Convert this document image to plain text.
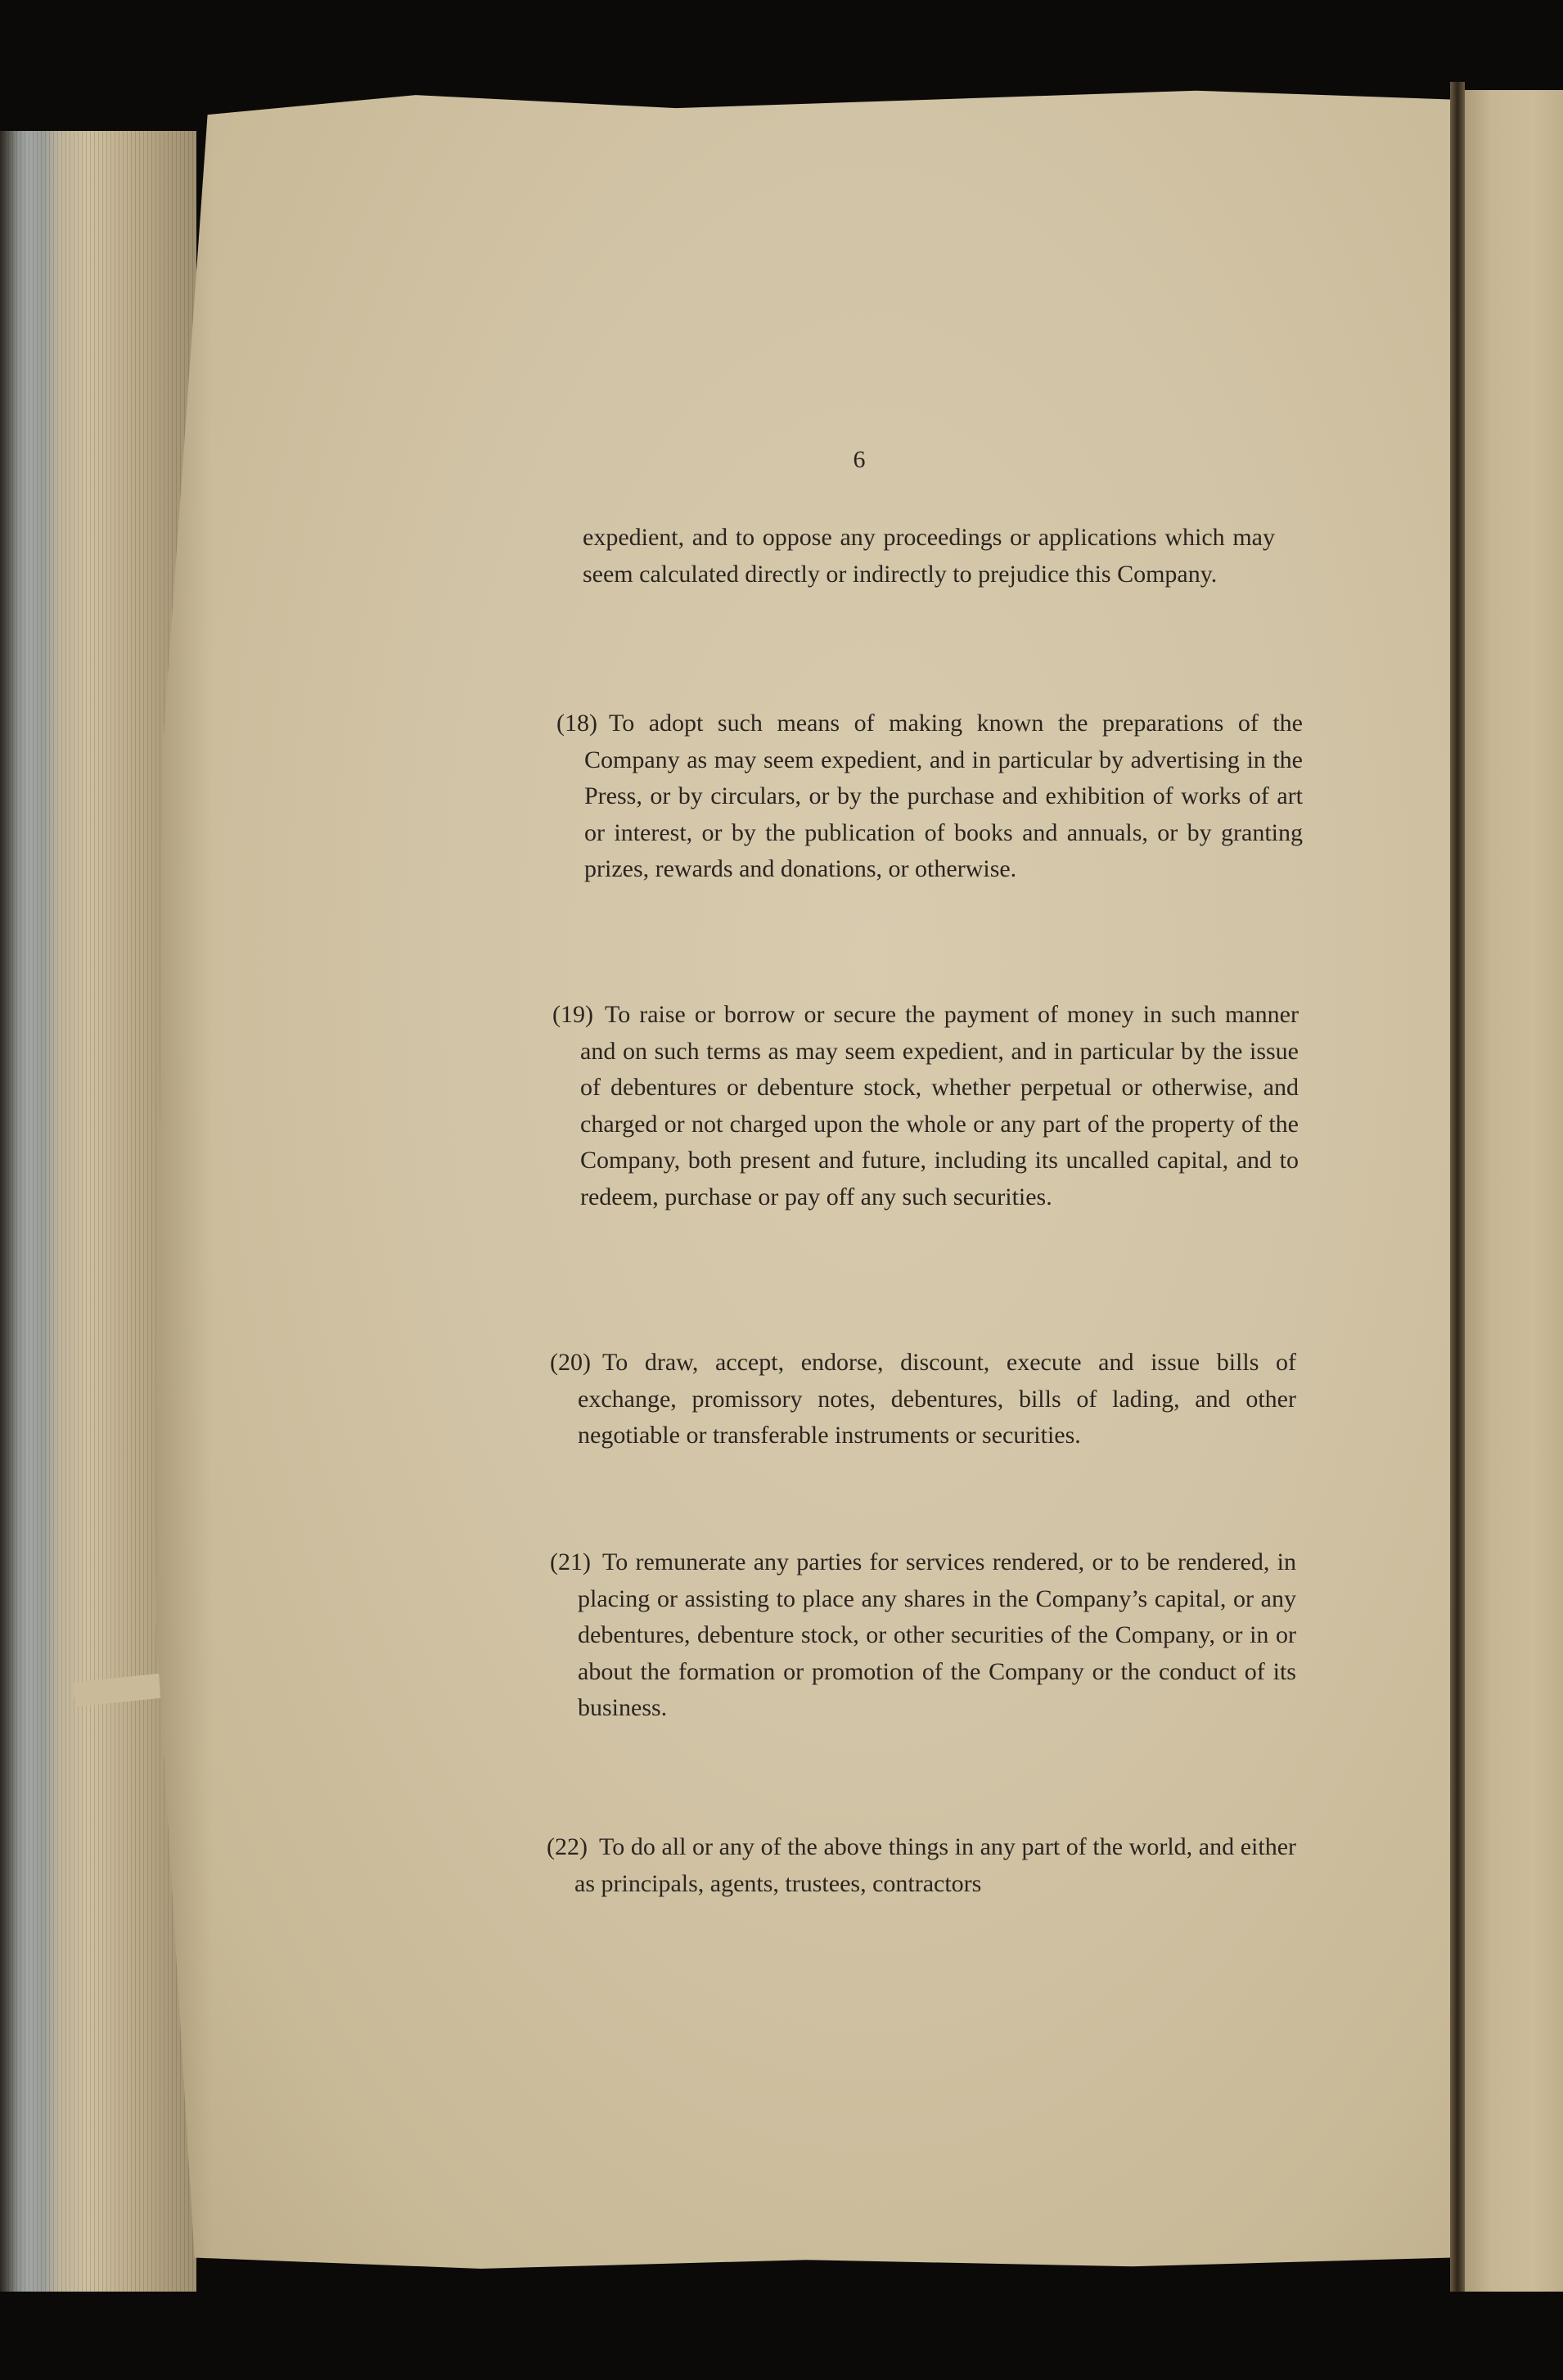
6
expedient, and to oppose any proceedings or applications which may seem calculated directly or indirectly to prejudice this Company.
(18) To adopt such means of making known the preparations of the Company as may seem expedient, and in particular by advertising in the Press, or by circulars, or by the purchase and exhibition of works of art or interest, or by the publication of books and annuals, or by granting prizes, rewards and donations, or otherwise.
(19) To raise or borrow or secure the payment of money in such manner and on such terms as may seem expedient, and in particular by the issue of debentures or debenture stock, whether perpetual or otherwise, and charged or not charged upon the whole or any part of the property of the Company, both present and future, including its uncalled capital, and to redeem, purchase or pay off any such securities.
(20) To draw, accept, endorse, discount, execute and issue bills of exchange, promissory notes, debentures, bills of lading, and other negotiable or transferable instruments or securities.
(21) To remunerate any parties for services rendered, or to be rendered, in placing or assisting to place any shares in the Company’s capital, or any debentures, debenture stock, or other securities of the Company, or in or about the formation or promotion of the Company or the conduct of its business.
(22) To do all or any of the above things in any part of the world, and either as principals, agents, trustees, contractors
